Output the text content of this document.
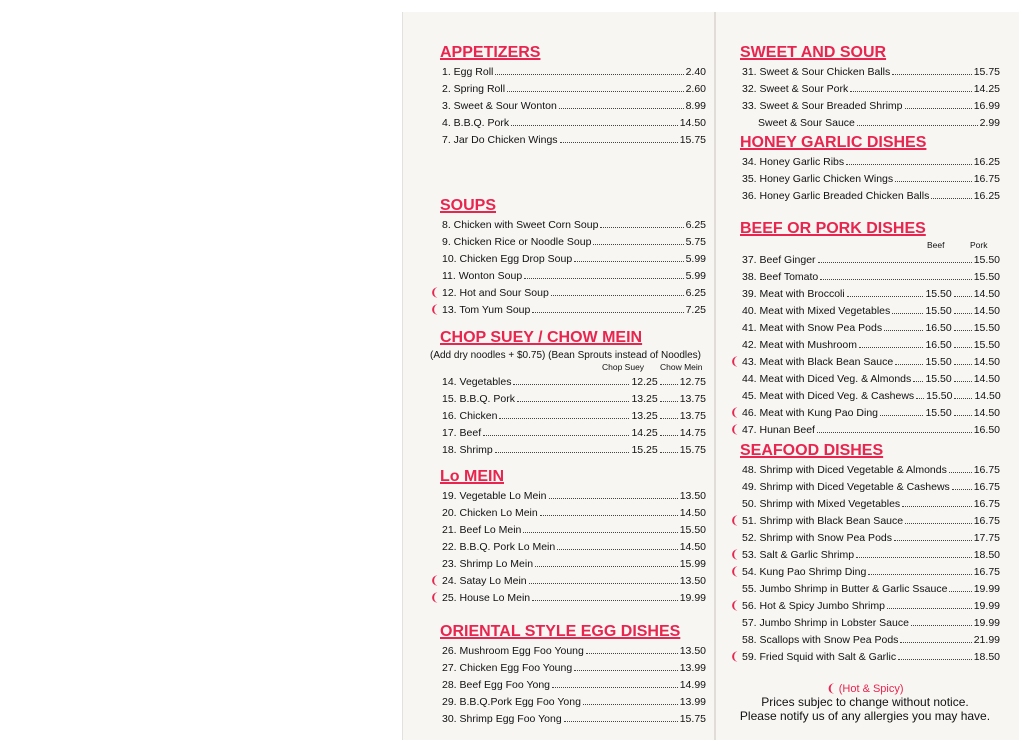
APPETIZERS
1. Egg Roll	2.40
2. Spring Roll	2.60
3. Sweet & Sour Wonton	8.99
4. B.B.Q. Pork	14.50
7. Jar Do Chicken Wings	15.75
SOUPS
8. Chicken with Sweet Corn Soup	6.25
9. Chicken Rice or Noodle Soup	5.75
10. Chicken Egg Drop Soup	5.99
11. Wonton Soup	5.99
❨ 12. Hot and Sour Soup	6.25
❨ 13. Tom Yum Soup	7.25
CHOP SUEY / CHOW MEIN
(Add dry noodles + $0.75) (Bean Sprouts instead of Noodles)
Chop Suey Chow Mein
14. Vegetables	12.25 12.75
15. B.B.Q. Pork	13.25 13.75
16. Chicken	13.25 13.75
17. Beef	14.25 14.75
18. Shrimp	15.25 15.75
Lo MEIN
19. Vegetable Lo Mein	13.50
20. Chicken Lo Mein	14.50
21. Beef Lo Mein	15.50
22. B.B.Q. Pork Lo Mein	14.50
23. Shrimp Lo Mein	15.99
❨ 24. Satay Lo Mein	13.50
❨ 25. House Lo Mein	19.99
ORIENTAL STYLE EGG DISHES
26. Mushroom Egg Foo Young	13.50
27. Chicken Egg Foo Young	13.99
28. Beef Egg Foo Yong	14.99
29. B.B.Q.Pork Egg Foo Yong	13.99
30. Shrimp Egg Foo Yong	15.75
SWEET AND SOUR
31. Sweet & Sour Chicken Balls	15.75
32. Sweet & Sour Pork	14.25
33. Sweet & Sour Breaded Shrimp	16.99
Sweet & Sour Sauce	2.99
HONEY GARLIC DISHES
34. Honey Garlic Ribs	16.25
35. Honey Garlic Chicken Wings	16.75
36. Honey Garlic Breaded Chicken Balls	16.25
BEEF OR PORK DISHES
Beef	Pork
37. Beef Ginger	15.50
38. Beef Tomato	15.50
39. Meat with Broccoli	15.50 14.50
40. Meat with Mixed Vegetables	15.50 14.50
41. Meat with Snow Pea Pods	16.50 15.50
42. Meat with Mushroom	16.50 15.50
❨ 43. Meat with Black Bean Sauce	15.50 14.50
44. Meat with Diced Veg. & Almonds 15.50 14.50
45. Meat with Diced Veg. & Cashews 15.50 14.50
❨ 46. Meat with Kung Pao Ding	15.50 14.50
❨ 47. Hunan Beef	16.50
SEAFOOD DISHES
48. Shrimp with Diced Vegetable & Almonds	16.75
49. Shrimp with Diced Vegetable & Cashews 16.75
50. Shrimp with Mixed Vegetables	16.75
❨ 51. Shrimp with Black Bean Sauce	16.75
52. Shrimp with Snow Pea Pods	17.75
❨ 53. Salt & Garlic Shrimp	18.50
❨ 54. Kung Pao Shrimp Ding	16.75
55. Jumbo Shrimp in Butter & Garlic Ssauce	19.99
❨ 56. Hot & Spicy Jumbo Shrimp	19.99
57. Jumbo Shrimp in Lobster Sauce	19.99
58. Scallops with Snow Pea Pods	21.99
❨ 59. Fried Squid with Salt & Garlic	18.50
❨ (Hot & Spicy)
Prices subjec to change without notice.
Please notify us of any allergies you may have.
